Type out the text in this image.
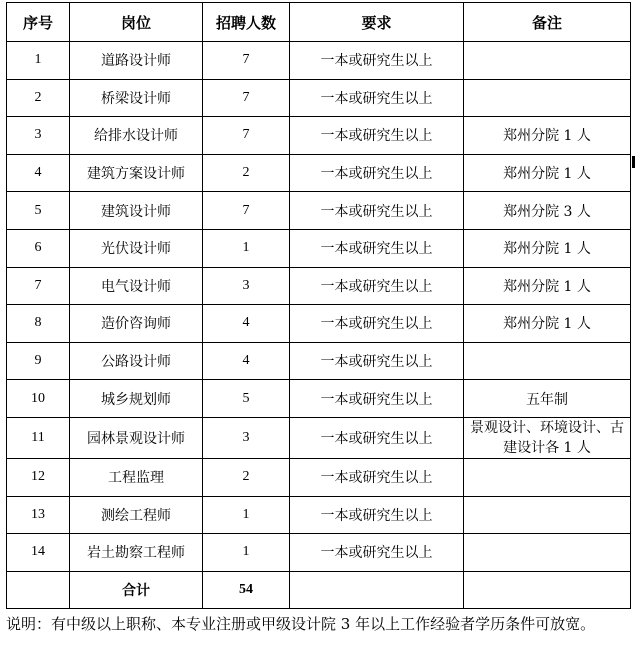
序号	岗位	招聘人数	要求	备注
1	道路设计师	7	一本或研究生以上	
2	桥梁设计师	7	一本或研究生以上	
3	给排水设计师	7	一本或研究生以上	郑州分院 1 人
4	建筑方案设计师	2	一本或研究生以上	郑州分院 1 人
5	建筑设计师	7	一本或研究生以上	郑州分院 3 人
6	光伏设计师	1	一本或研究生以上	郑州分院 1 人
7	电气设计师	3	一本或研究生以上	郑州分院 1 人
8	造价咨询师	4	一本或研究生以上	郑州分院 1 人
9	公路设计师	4	一本或研究生以上	
10	城乡规划师	5	一本或研究生以上	五年制
11	园林景观设计师	3	一本或研究生以上	景观设计、环境设计、古建设计各 1 人
12	工程监理	2	一本或研究生以上	
13	测绘工程师	1	一本或研究生以上	
14	岩土勘察工程师	1	一本或研究生以上	
	合计	54		
说明：有中级以上职称、本专业注册或甲级设计院 3 年以上工作经验者学历条件可放宽。
